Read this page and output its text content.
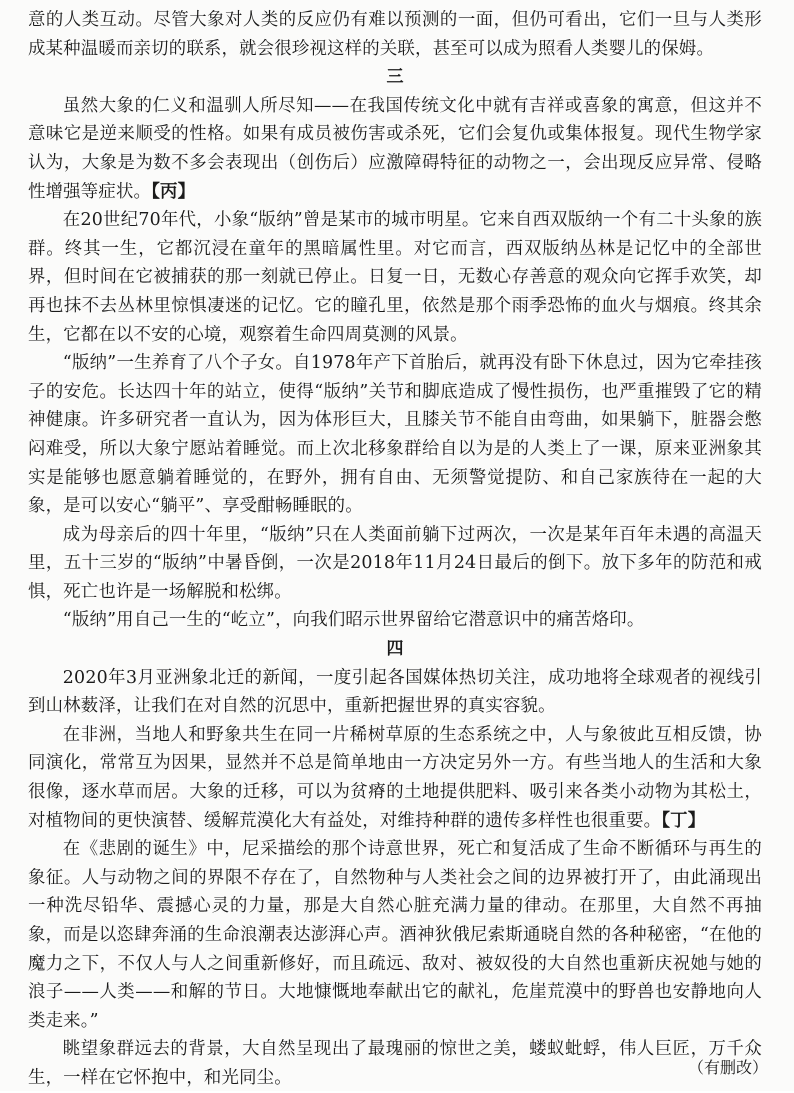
意的人类互动。尽管大象对人类的反应仍有难以预测的一面，但仍可看出，它们一旦与人类形成某种温暖而亲切的联系，就会很珍视这样的关联，甚至可以成为照看人类婴儿的保姆。

三

虽然大象的仁义和温驯人所尽知——在我国传统文化中就有吉祥或喜象的寓意，但这并不意味它是逆来顺受的性格。如果有成员被伤害或杀死，它们会复仇或集体报复。现代生物学家认为，大象是为数不多会表现出（创伤后）应激障碍特征的动物之一，会出现反应异常、侵略性增强等症状。【丙】

在20世纪70年代，小象“版纳”曾是某市的城市明星。它来自西双版纳一个有二十头象的族群。终其一生，它都沉浸在童年的黑暗属性里。对它而言，西双版纳丛林是记忆中的全部世界，但时间在它被捕获的那一刻就已停止。日复一日，无数心存善意的观众向它挥手欢笑，却再也抹不去丛林里惊惧凄迷的记忆。它的瞳孔里，依然是那个雨季恐怖的血火与烟痕。终其余生，它都在以不安的心境，观察着生命四周莫测的风景。

“版纳”一生养育了八个子女。自1978年产下首胎后，就再没有卧下休息过，因为它牵挂孩子的安危。长达四十年的站立，使得“版纳”关节和脚底造成了慢性损伤，也严重摧毁了它的精神健康。许多研究者一直认为，因为体形巨大，且膝关节不能自由弯曲，如果躺下，脏器会憋闷难受，所以大象宁愿站着睡觉。而上次北移象群给自以为是的人类上了一课，原来亚洲象其实是能够也愿意躺着睡觉的，在野外，拥有自由、无须警觉提防、和自己家族待在一起的大象，是可以安心“躺平”、享受酣畅睡眠的。

成为母亲后的四十年里，“版纳”只在人类面前躺下过两次，一次是某年百年未遇的高温天里，五十三岁的“版纳”中暑昏倒，一次是2018年11月24日最后的倒下。放下多年的防范和戒惧，死亡也许是一场解脱和松绑。

“版纳”用自己一生的“屹立”，向我们昭示世界留给它潜意识中的痛苦烙印。

四

2020年3月亚洲象北迁的新闻，一度引起各国媒体热切关注，成功地将全球观者的视线引到山林薮泽，让我们在对自然的沉思中，重新把握世界的真实容貌。

在非洲，当地人和野象共生在同一片稀树草原的生态系统之中，人与象彼此互相反馈，协同演化，常常互为因果，显然并不总是简单地由一方决定另外一方。有些当地人的生活和大象很像，逐水草而居。大象的迁移，可以为贫瘠的土地提供肥料、吸引来各类小动物为其松土，对植物间的更快演替、缓解荒漠化大有益处，对维持种群的遗传多样性也很重要。【丁】

在《悲剧的诞生》中，尼采描绘的那个诗意世界，死亡和复活成了生命不断循环与再生的象征。人与动物之间的界限不存在了，自然物种与人类社会之间的边界被打开了，由此涌现出一种洗尽铅华、震撼心灵的力量，那是大自然心脏充满力量的律动。在那里，大自然不再抽象，而是以恣肆奔涌的生命浪潮表达澎湃心声。酒神狄俄尼索斯通晓自然的各种秘密，“在他的魔力之下，不仅人与人之间重新修好，而且疏远、敌对、被奴役的大自然也重新庆祝她与她的浪子——人类——和解的节日。大地慷慨地奉献出它的献礼，危崖荒漠中的野兽也安静地向人类走来。”

眺望象群远去的背景，大自然呈现出了最瑰丽的惊世之美，蝼蚁蚍蜉，伟人巨匠，万千众生，一样在它怀抱中，和光同尘。

（有删改）
